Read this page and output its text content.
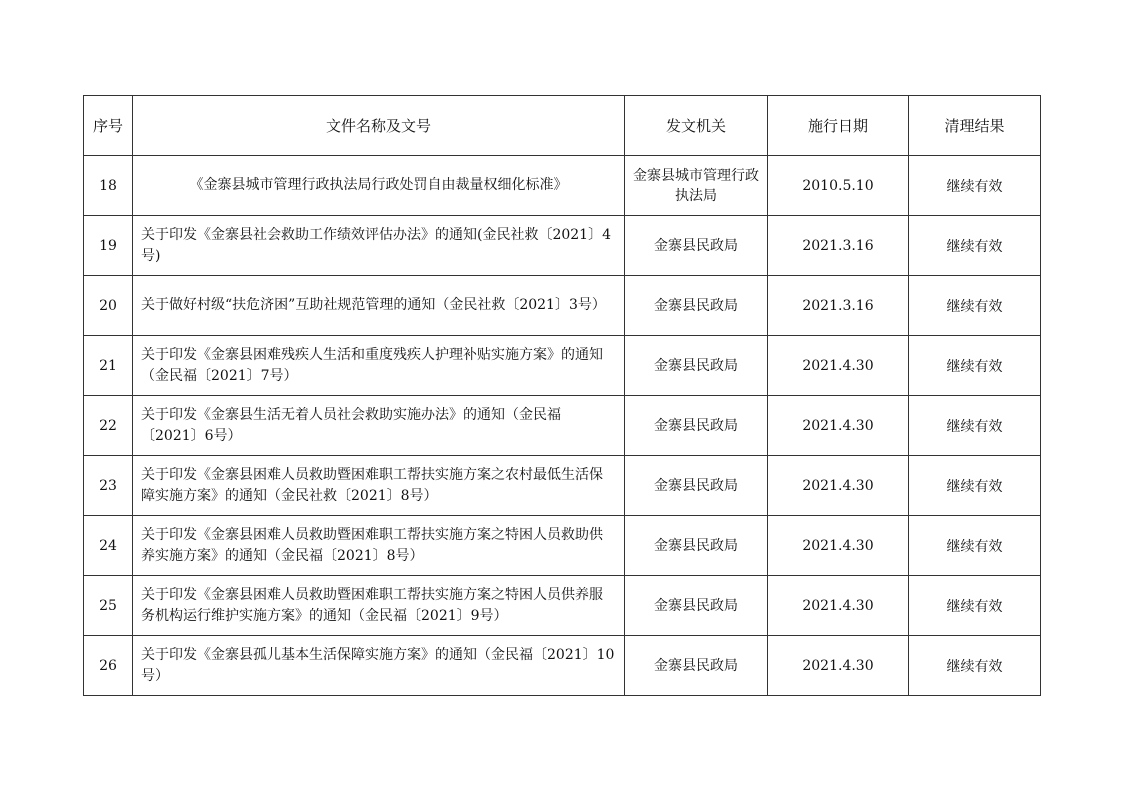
序号	文件名称及文号	发文机关	施行日期	清理结果
18	《金寨县城市管理行政执法局行政处罚自由裁量权细化标准》	金寨县城市管理行政执法局	2010.5.10	继续有效
19	关于印发《金寨县社会救助工作绩效评估办法》的通知(金民社救〔2021〕4号)	金寨县民政局	2021.3.16	继续有效
20	关于做好村级“扶危济困”互助社规范管理的通知（金民社救〔2021〕3号）	金寨县民政局	2021.3.16	继续有效
21	关于印发《金寨县困难残疾人生活和重度残疾人护理补贴实施方案》的通知（金民福〔2021〕7号）	金寨县民政局	2021.4.30	继续有效
22	关于印发《金寨县生活无着人员社会救助实施办法》的通知（金民福〔2021〕6号）	金寨县民政局	2021.4.30	继续有效
23	关于印发《金寨县困难人员救助暨困难职工帮扶实施方案之农村最低生活保障实施方案》的通知（金民社救〔2021〕8号）	金寨县民政局	2021.4.30	继续有效
24	关于印发《金寨县困难人员救助暨困难职工帮扶实施方案之特困人员救助供养实施方案》的通知（金民福〔2021〕8号）	金寨县民政局	2021.4.30	继续有效
25	关于印发《金寨县困难人员救助暨困难职工帮扶实施方案之特困人员供养服务机构运行维护实施方案》的通知（金民福〔2021〕9号）	金寨县民政局	2021.4.30	继续有效
26	关于印发《金寨县孤儿基本生活保障实施方案》的通知（金民福〔2021〕10号）	金寨县民政局	2021.4.30	继续有效
